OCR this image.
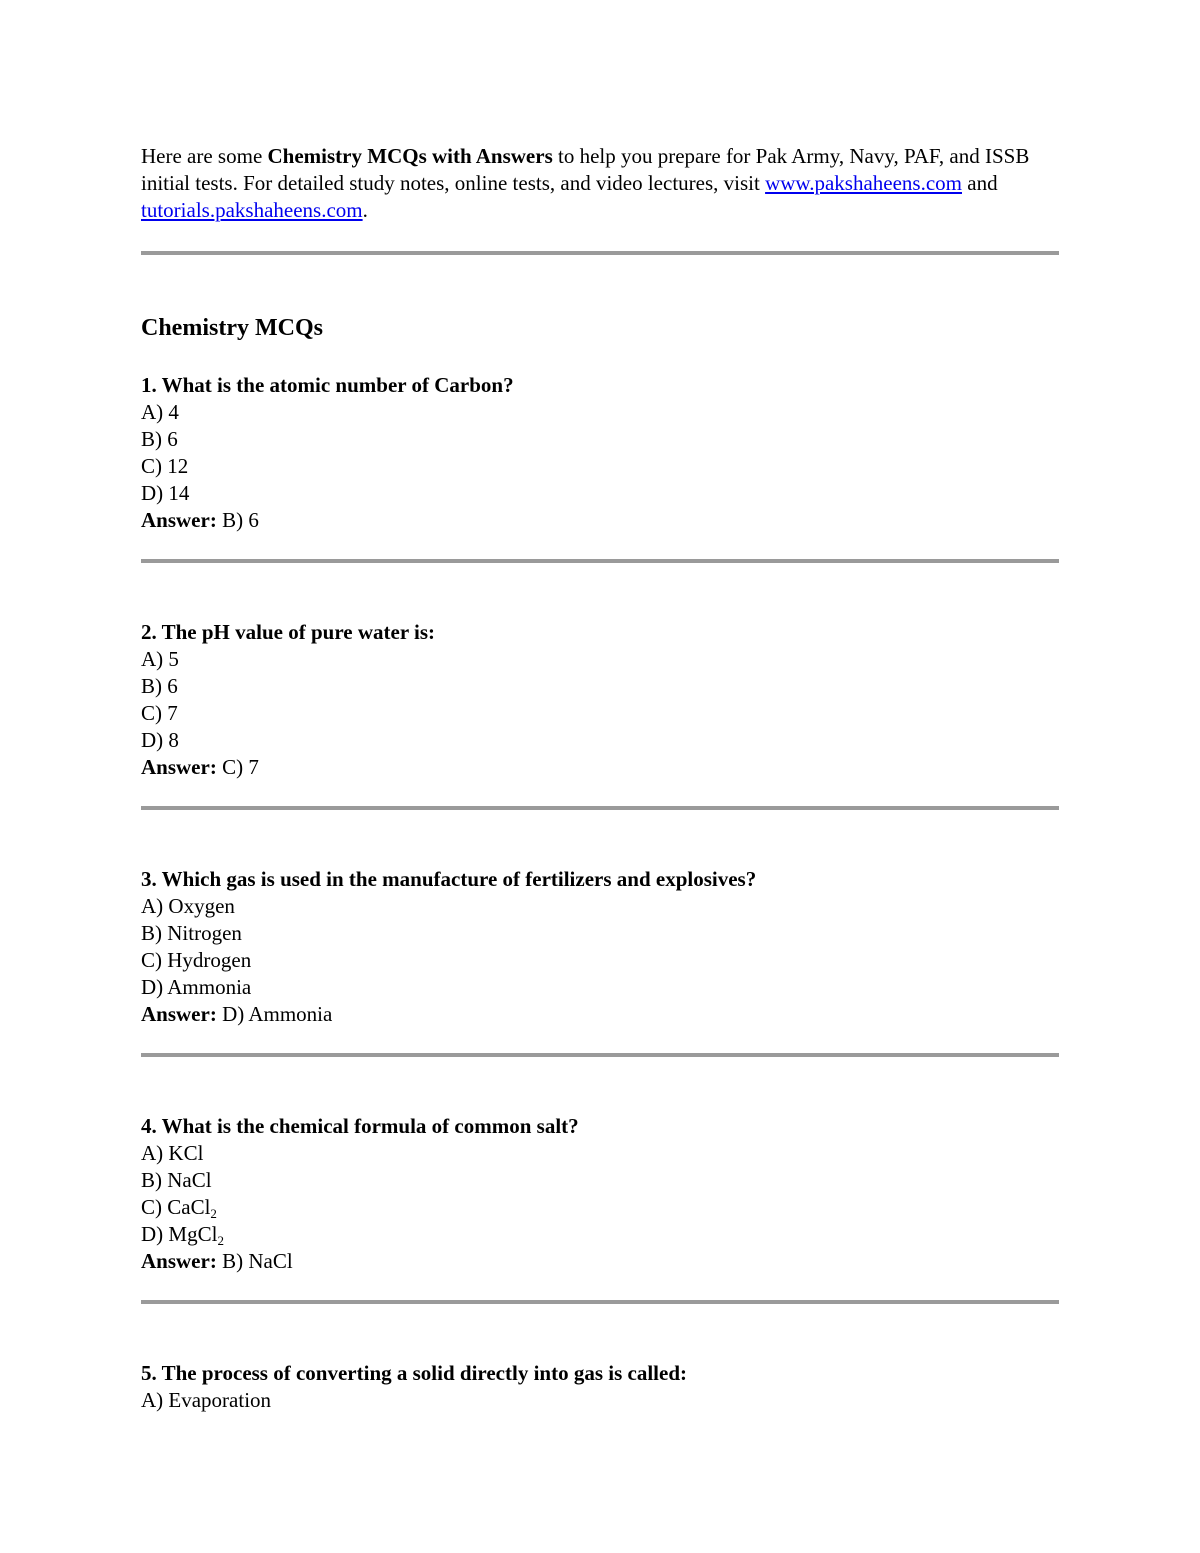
Here are some Chemistry MCQs with Answers to help you prepare for Pak Army, Navy, PAF, and ISSB initial tests. For detailed study notes, online tests, and video lectures, visit www.pakshaheens.com and tutorials.pakshaheens.com.

Chemistry MCQs
1. What is the atomic number of Carbon?
A) 4
B) 6
C) 12
D) 14
Answer: B) 6
2. The pH value of pure water is:
A) 5
B) 6
C) 7
D) 8
Answer: C) 7
3. Which gas is used in the manufacture of fertilizers and explosives?
A) Oxygen
B) Nitrogen
C) Hydrogen
D) Ammonia
Answer: D) Ammonia
4. What is the chemical formula of common salt?
A) KCl
B) NaCl
C) CaCl$_2$
D) MgCl$_2$
Answer: B) NaCl
5. The process of converting a solid directly into gas is called:
A) Evaporation
